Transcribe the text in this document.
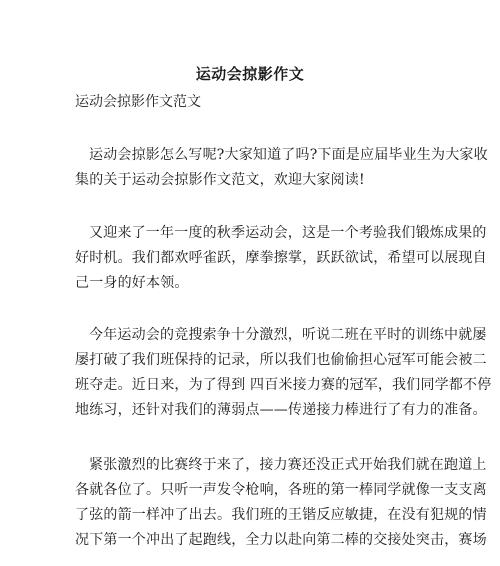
运动会掠影作文
运动会掠影作文范文
运动会掠影怎么写呢?大家知道了吗?下面是应届毕业生为大家收
集的关于运动会掠影作文范文，欢迎大家阅读!
又迎来了一年一度的秋季运动会，这是一个考验我们锻炼成果的
好时机。我们都欢呼雀跃，摩拳擦掌，跃跃欲试，希望可以展现自
己一身的好本领。
今年运动会的竞搜索争十分激烈，听说二班在平时的训练中就屡
屡打破了我们班保持的记录，所以我们也偷偷担心冠军可能会被二
班夺走。近日来，为了得到 四百米接力赛的冠军，我们同学都不停
地练习，还针对我们的薄弱点——传递接力棒进行了有力的准备。
紧张激烈的比赛终于来了，接力赛还没正式开始我们就在跑道上
各就各位了。只听一声发令枪响，各班的第一棒同学就像一支支离
了弦的箭一样冲了出去。我们班的王锴反应敏捷，在没有犯规的情
况下第一个冲出了起跑线，全力以赴向第二棒的交接处突击，赛场
